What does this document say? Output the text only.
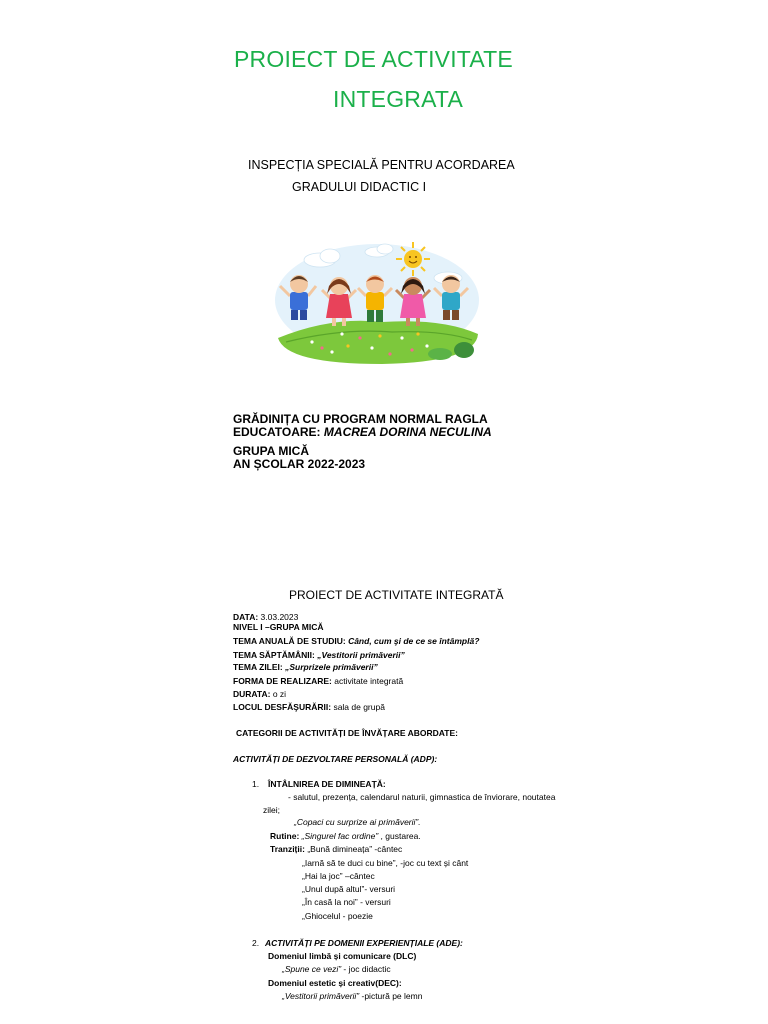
PROIECT DE ACTIVITATE
INTEGRATA
INSPECȚIA SPECIALĂ PENTRU ACORDAREA
GRADULUI DIDACTIC I
GRĂDINIȚA CU PROGRAM NORMAL RAGLA
EDUCATOARE: MACREA DORINA NECULINA
GRUPA MICĂ
AN ȘCOLAR 2022-2023
PROIECT DE ACTIVITATE INTEGRATĂ
DATA: 3.03.2023
NIVEL I –GRUPA MICĂ
TEMA ANUALĂ DE STUDIU: Când, cum şi de ce se întâmplă?
TEMA SĂPTĂMÂNII: „Vestitorii primăverii”
TEMA ZILEI: „Surprizele primăverii”
FORMA DE REALIZARE: activitate integrată
DURATA: o zi
LOCUL DESFĂŞURĂRII: sala de grupă
CATEGORII DE ACTIVITĂȚI DE ÎNVĂȚARE ABORDATE:
ACTIVITĂȚI DE DEZVOLTARE PERSONALĂ (ADP):
1. ÎNTÂLNIREA DE DIMINEAȚĂ:
- salutul, prezența, calendarul naturii, gimnastica de înviorare, noutatea
zilei;
„Copaci cu surprize ai primăverii”.
Rutine: „Singurel fac ordine” , gustarea.
Tranziții: „Bună dimineața” -cântec
„Iarnă să te duci cu bine”, -joc cu text și cânt
„Hai la joc” –cântec
„Unul după altul”- versuri
„În casă la noi” - versuri
„Ghiocelul - poezie
2. ACTIVITĂȚI PE DOMENII EXPERIENȚIALE (ADE):
Domeniul limbă și comunicare (DLC)
„Spune ce vezi” - joc didactic
Domeniul estetic și creativ(DEC):
„Vestitorii primăverii” -pictură pe lemn
